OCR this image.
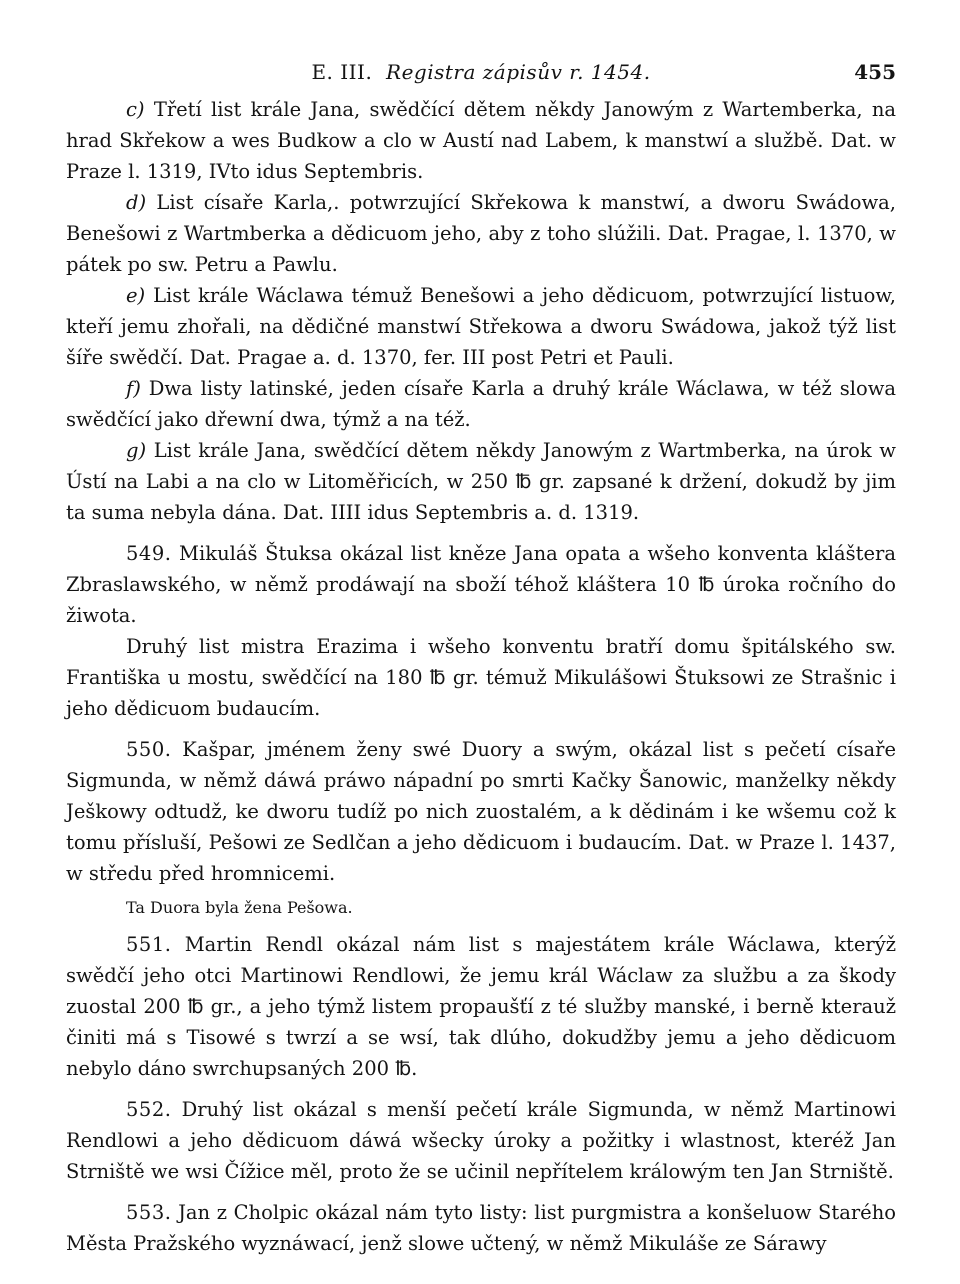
E. III. Registra zápisův r. 1454.	455

c) Třetí list krále Jana, swědčící dětem někdy Janowým z Wartemberka, na hrad Skřekow a wes Budkow a clo w Austí nad Labem, k manstwí a službě. Dat. w Praze l. 1319, IVto idus Septembris.

d) List císaře Karla,. potwrzující Skřekowa k manstwí, a dworu Swádowa, Benešowi z Wartmberka a dědicuom jeho, aby z toho slúžili. Dat. Pragae, l. 1370, w pátek po sw. Petru a Pawlu.

e) List krále Wáclawa témuž Benešowi a jeho dědicuom, potwrzující listuow, kteří jemu zhořali, na dědičné manstwí Střekowa a dworu Swádowa, jakož týž list šíře swědčí. Dat. Pragae a. d. 1370, fer. III post Petri et Pauli.

f) Dwa listy latinské, jeden císaře Karla a druhý krále Wáclawa, w též slowa swědčící jako dřewní dwa, týmž a na též.

g) List krále Jana, swědčící dětem někdy Janowým z Wartmberka, na úrok w Ústí na Labi a na clo w Litoměřicích, w 250 ℔ gr. zapsané k držení, dokudž by jim ta suma nebyla dána. Dat. IIII idus Septembris a. d. 1319.

549. Mikuláš Štuksa okázal list kněze Jana opata a wšeho konventa kláštera Zbraslawského, w němž prodáwají na sboží téhož kláštera 10 ℔ úroka ročního do žiwota.

Druhý list mistra Erazima i wšeho konventu bratří domu špitálského sw. Františka u mostu, swědčící na 180 ℔ gr. témuž Mikulášowi Štuksowi ze Strašnic i jeho dědicuom budaucím.

550. Kašpar, jménem ženy swé Duory a swým, okázal list s pečetí císaře Sigmunda, w němž dáwá práwo nápadní po smrti Kačky Šanowic, manželky někdy Ješkowy odtudž, ke dworu tudíž po nich zuostalém, a k dědinám i ke wšemu což k tomu přísluší, Pešowi ze Sedlčan a jeho dědicuom i budaucím. Dat. w Praze l. 1437, w středu před hromnicemi.

Ta Duora byla žena Pešowa.

551. Martin Rendl okázal nám list s majestátem krále Wáclawa, kterýž swědčí jeho otci Martinowi Rendlowi, že jemu král Wáclaw za službu a za škody zuostal 200 ℔ gr., a jeho týmž listem propaušťí z té služby manské, i berně kterauž činiti má s Tisowé s twrzí a se wsí, tak dlúho, dokudžby jemu a jeho dědicuom nebylo dáno swrchupsaných 200 ℔.

552. Druhý list okázal s menší pečetí krále Sigmunda, w němž Martinowi Rendlowi a jeho dědicuom dáwá wšecky úroky a požitky i wlastnost, kteréž Jan Strniště we wsi Čížice měl, proto že se učinil nepřítelem králowým ten Jan Strniště.

553. Jan z Cholpic okázal nám tyto listy: list purgmistra a konšeluow Starého Města Pražského wyznáwací, jenž slowe učtený, w němž Mikuláše ze Sárawy
